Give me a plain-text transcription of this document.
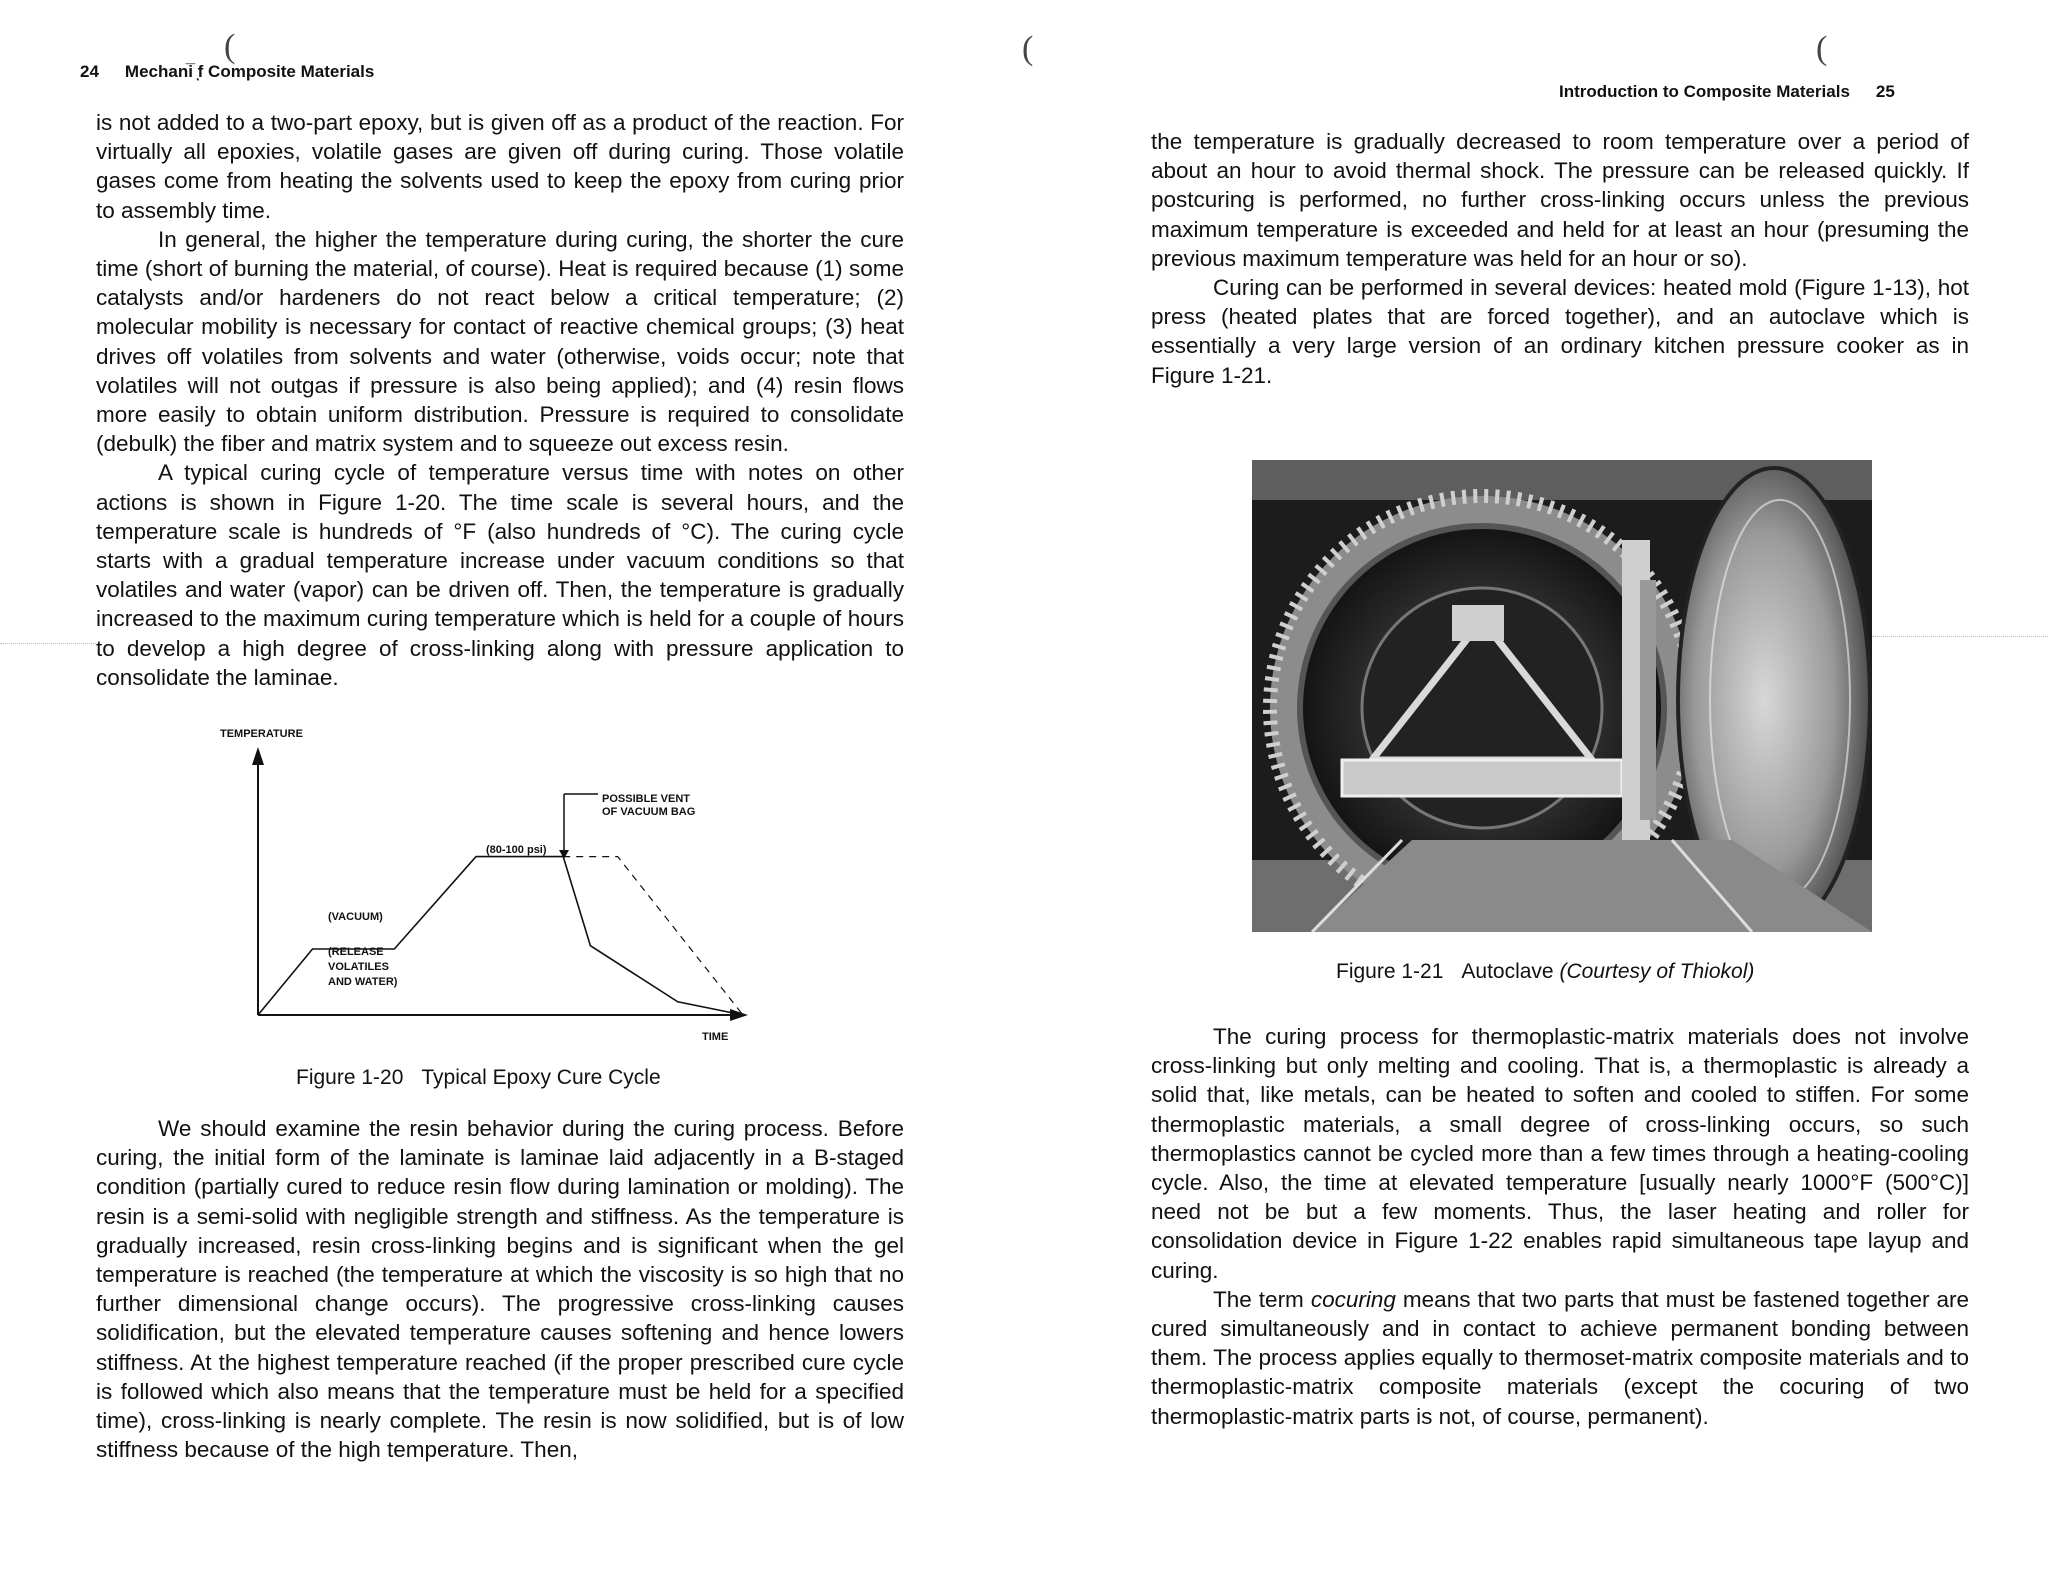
24 Mechani̅ ͅf Composite Materials
(

is not added to a two-part epoxy, but is given off as a product of the reaction. For virtually all epoxies, volatile gases are given off during curing. Those volatile gases come from heating the solvents used to keep the epoxy from curing prior to assembly time.

In general, the higher the temperature during curing, the shorter the cure time (short of burning the material, of course). Heat is required because (1) some catalysts and/or hardeners do not react below a critical temperature; (2) molecular mobility is necessary for contact of reactive chemical groups; (3) heat drives off volatiles from solvents and water (otherwise, voids occur; note that volatiles will not outgas if pressure is also being applied); and (4) resin flows more easily to obtain uniform distribution. Pressure is required to consolidate (debulk) the fiber and matrix system and to squeeze out excess resin.

A typical curing cycle of temperature versus time with notes on other actions is shown in Figure 1-20. The time scale is several hours, and the temperature scale is hundreds of °F (also hundreds of °C). The curing cycle starts with a gradual temperature increase under vacuum conditions so that volatiles and water (vapor) can be driven off. Then, the temperature is gradually increased to the maximum curing temperature which is held for a couple of hours to develop a high degree of cross-linking along with pressure application to consolidate the laminae.

TEMPERATURE
TIME
POSSIBLE VENT
OF VACUUM BAG
(80-100 psi)
(VACUUM)
(RELEASE
VOLATILES
AND WATER)
Figure 1-20 Typical Epoxy Cure Cycle

We should examine the resin behavior during the curing process. Before curing, the initial form of the laminate is laminae laid adjacently in a B-staged condition (partially cured to reduce resin flow during lamination or molding). The resin is a semi-solid with negligible strength and stiffness. As the temperature is gradually increased, resin cross-linking begins and is significant when the gel temperature is reached (the temperature at which the viscosity is so high that no further dimensional change occurs). The progressive cross-linking causes solidification, but the elevated temperature causes softening and hence lowers stiffness. At the highest temperature reached (if the proper prescribed cure cycle is followed which also means that the temperature must be held for a specified time), cross-linking is nearly complete. The resin is now solidified, but is of low stiffness because of the high temperature. Then,

(	(
Introduction to Composite Materials 25

the temperature is gradually decreased to room temperature over a period of about an hour to avoid thermal shock. The pressure can be released quickly. If postcuring is performed, no further cross-linking occurs unless the previous maximum temperature is exceeded and held for at least an hour (presuming the previous maximum temperature was held for an hour or so).

Curing can be performed in several devices: heated mold (Figure 1-13), hot press (heated plates that are forced together), and an autoclave which is essentially a very large version of an ordinary kitchen pressure cooker as in Figure 1-21.

Figure 1-21 Autoclave (Courtesy of Thiokol)

The curing process for thermoplastic-matrix materials does not involve cross-linking but only melting and cooling. That is, a thermoplastic is already a solid that, like metals, can be heated to soften and cooled to stiffen. For some thermoplastic materials, a small degree of cross-linking occurs, so such thermoplastics cannot be cycled more than a few times through a heating-cooling cycle. Also, the time at elevated temperature [usually nearly 1000°F (500°C)] need not be but a few moments. Thus, the laser heating and roller for consolidation device in Figure 1-22 enables rapid simultaneous tape layup and curing.

The term cocuring means that two parts that must be fastened together are cured simultaneously and in contact to achieve permanent bonding between them. The process applies equally to thermoset-matrix composite materials and to thermoplastic-matrix composite materials (except the cocuring of two thermoplastic-matrix parts is not, of course, permanent).
